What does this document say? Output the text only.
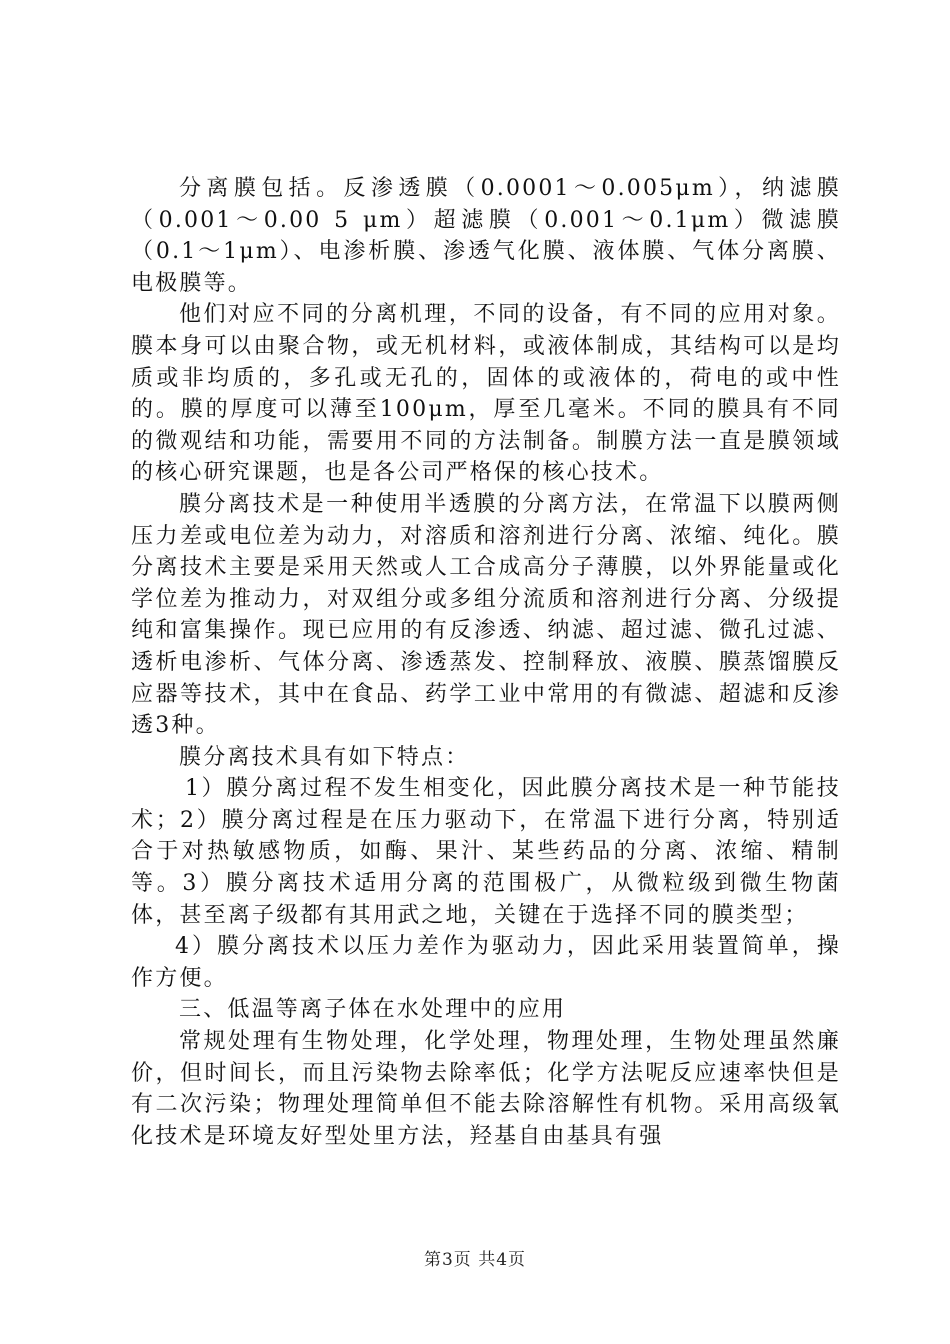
分离膜包括。反渗透膜（0.0001～0.005μm），纳滤膜（0.001～0.00 5 μm）超滤膜（0.001～0.1μm）微滤膜（0.1～1μm）、电渗析膜、渗透气化膜、液体膜、气体分离膜、电极膜等。

他们对应不同的分离机理，不同的设备，有不同的应用对象。膜本身可以由聚合物，或无机材料，或液体制成，其结构可以是均质或非均质的，多孔或无孔的，固体的或液体的，荷电的或中性的。膜的厚度可以薄至100μm，厚至几毫米。不同的膜具有不同的微观结和功能，需要用不同的方法制备。制膜方法一直是膜领域的核心研究课题，也是各公司严格保的核心技术。

膜分离技术是一种使用半透膜的分离方法，在常温下以膜两侧压力差或电位差为动力，对溶质和溶剂进行分离、浓缩、纯化。膜分离技术主要是采用天然或人工合成高分子薄膜，以外界能量或化学位差为推动力，对双组分或多组分流质和溶剂进行分离、分级提纯和富集操作。现已应用的有反渗透、纳滤、超过滤、微孔过滤、透析电渗析、气体分离、渗透蒸发、控制释放、液膜、膜蒸馏膜反应器等技术，其中在食品、药学工业中常用的有微滤、超滤和反渗透3种。

膜分离技术具有如下特点：

1）膜分离过程不发生相变化，因此膜分离技术是一种节能技术；2）膜分离过程是在压力驱动下，在常温下进行分离，特别适合于对热敏感物质，如酶、果汁、某些药品的分离、浓缩、精制等。3）膜分离技术适用分离的范围极广，从微粒级到微生物菌体，甚至离子级都有其用武之地，关键在于选择不同的膜类型；

4）膜分离技术以压力差作为驱动力，因此采用装置简单，操作方便。

三、低温等离子体在水处理中的应用

常规处理有生物处理，化学处理，物理处理，生物处理虽然廉价，但时间长，而且污染物去除率低；化学方法呢反应速率快但是有二次污染；物理处理简单但不能去除溶解性有机物。采用高级氧化技术是环境友好型处里方法，羟基自由基具有强

第3页 共4页
